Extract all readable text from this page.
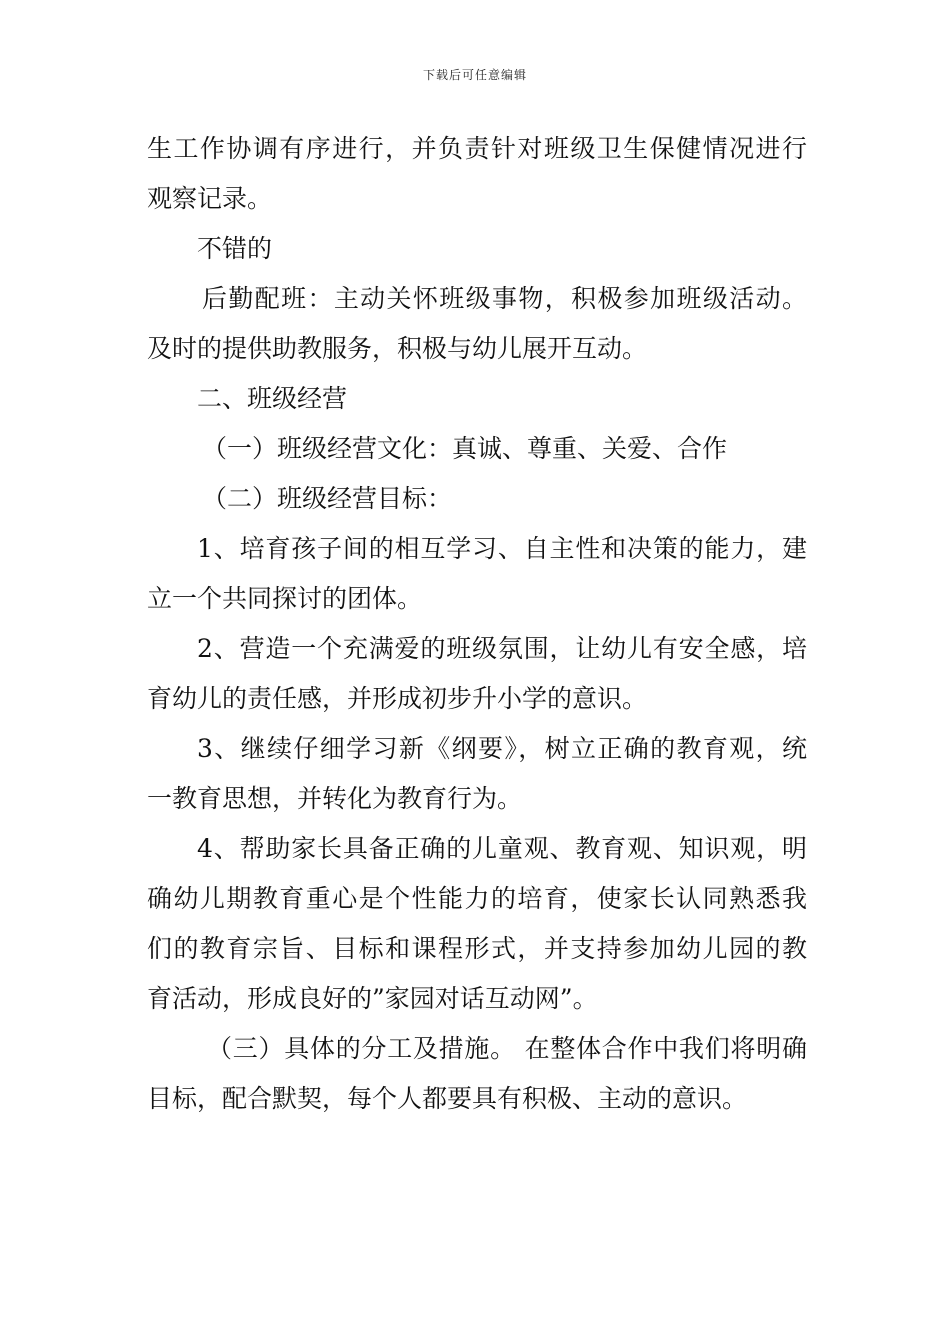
下载后可任意编辑
生工作协调有序进行，并负责针对班级卫生保健情况进行
观察记录。
不错的
后勤配班：主动关怀班级事物，积极参加班级活动。
及时的提供助教服务，积极与幼儿展开互动。
二、班级经营
（一）班级经营文化：真诚、尊重、关爱、合作
（二）班级经营目标：
1、培育孩子间的相互学习、自主性和决策的能力，建
立一个共同探讨的团体。
2、营造一个充满爱的班级氛围，让幼儿有安全感，培
育幼儿的责任感，并形成初步升小学的意识。
3、继续仔细学习新《纲要》，树立正确的教育观，统
一教育思想，并转化为教育行为。
4、帮助家长具备正确的儿童观、教育观、知识观，明
确幼儿期教育重心是个性能力的培育，使家长认同熟悉我
们的教育宗旨、目标和课程形式，并支持参加幼儿园的教
育活动，形成良好的”家园对话互动网”。
（三）具体的分工及措施。 在整体合作中我们将明确
目标，配合默契，每个人都要具有积极、主动的意识。
